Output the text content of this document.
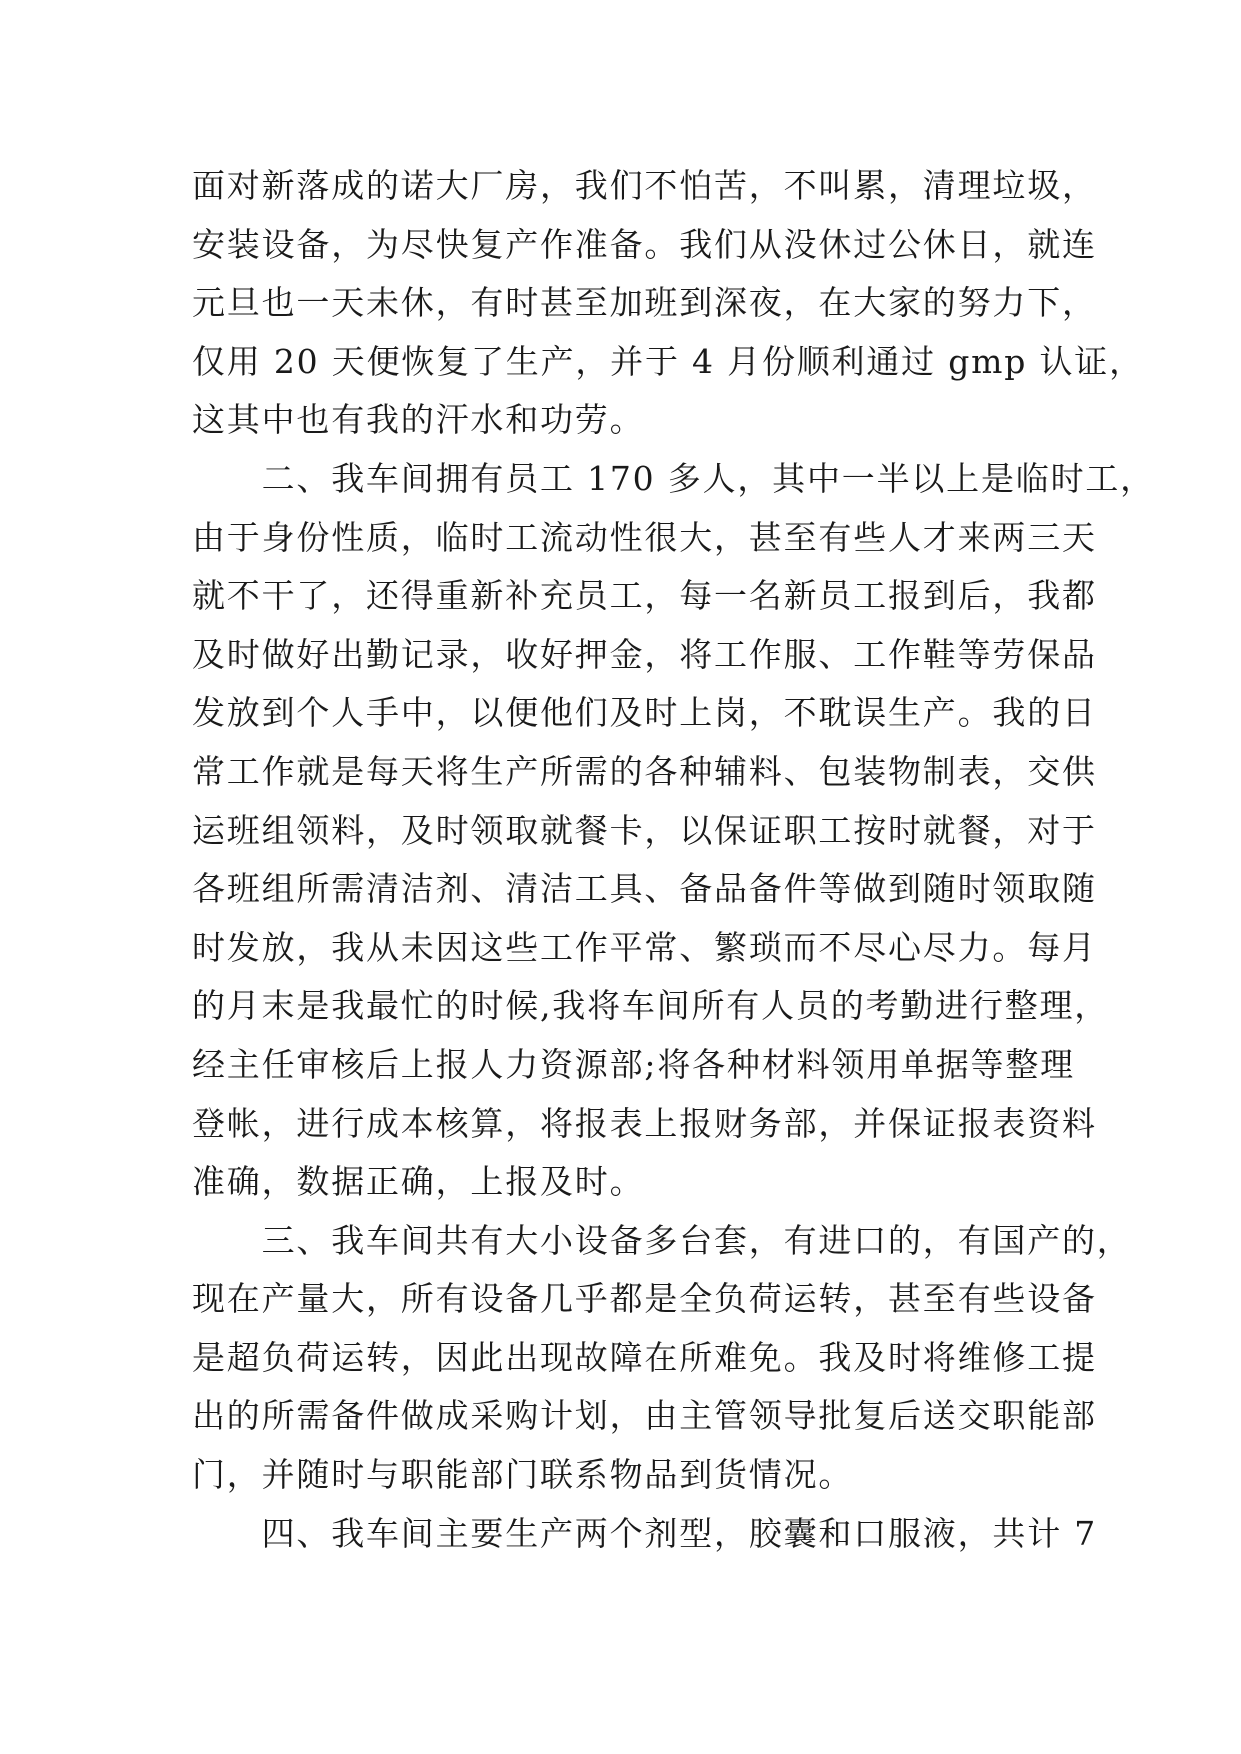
面对新落成的诺大厂房，我们不怕苦，不叫累，清理垃圾，
安装设备，为尽快复产作准备。我们从没休过公休日，就连
元旦也一天未休，有时甚至加班到深夜，在大家的努力下，
仅用 20 天便恢复了生产，并于 4 月份顺利通过 gmp 认证，
这其中也有我的汗水和功劳。
　　二、我车间拥有员工 170 多人，其中一半以上是临时工，
由于身份性质，临时工流动性很大，甚至有些人才来两三天
就不干了，还得重新补充员工，每一名新员工报到后，我都
及时做好出勤记录，收好押金，将工作服、工作鞋等劳保品
发放到个人手中，以便他们及时上岗，不耽误生产。我的日
常工作就是每天将生产所需的各种辅料、包装物制表，交供
运班组领料，及时领取就餐卡，以保证职工按时就餐，对于
各班组所需清洁剂、清洁工具、备品备件等做到随时领取随
时发放，我从未因这些工作平常、繁琐而不尽心尽力。每月
的月末是我最忙的时候,我将车间所有人员的考勤进行整理，
经主任审核后上报人力资源部;将各种材料领用单据等整理
登帐，进行成本核算，将报表上报财务部，并保证报表资料
准确，数据正确，上报及时。
　　三、我车间共有大小设备多台套，有进口的，有国产的，
现在产量大，所有设备几乎都是全负荷运转，甚至有些设备
是超负荷运转，因此出现故障在所难免。我及时将维修工提
出的所需备件做成采购计划，由主管领导批复后送交职能部
门，并随时与职能部门联系物品到货情况。
　　四、我车间主要生产两个剂型，胶囊和口服液，共计 7
